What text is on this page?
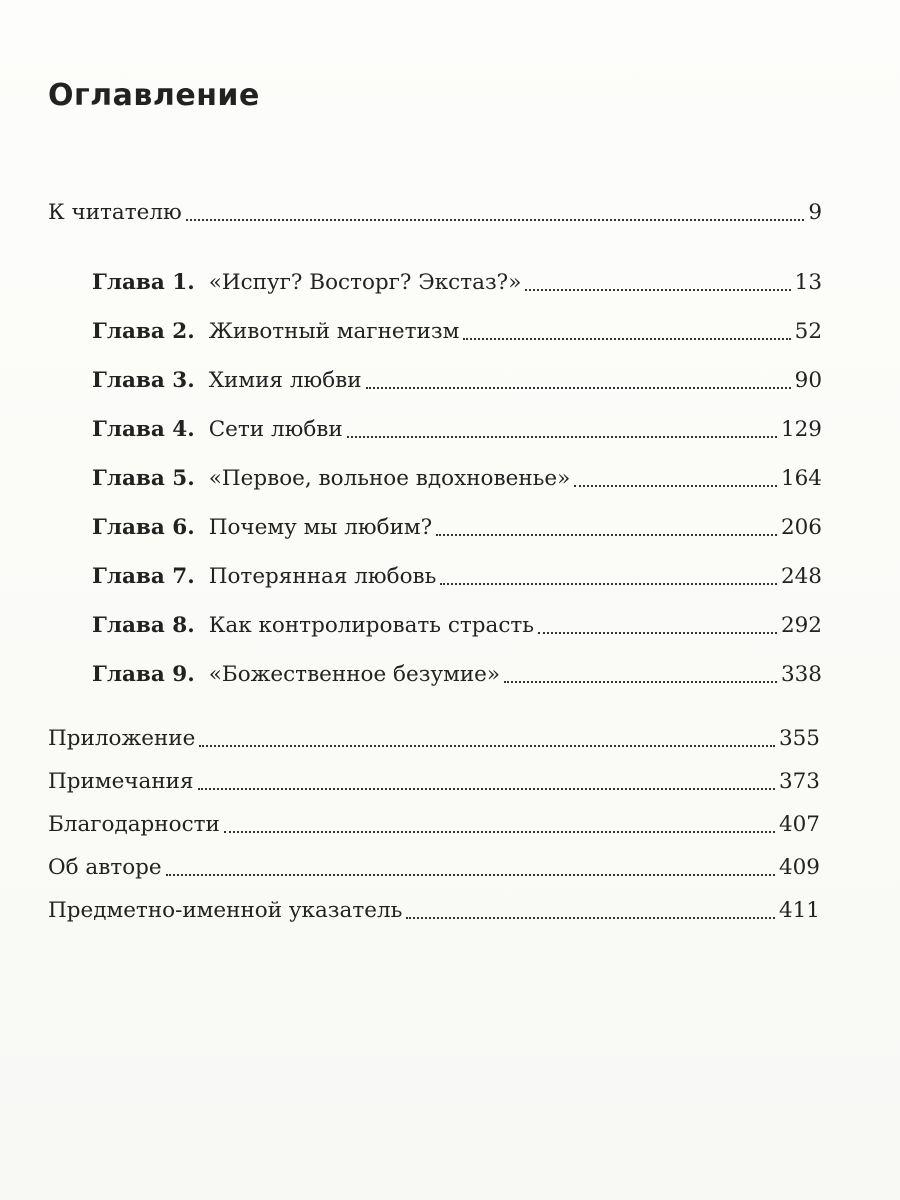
Оглавление
К читателю	9
Глава 1. «Испуг? Восторг? Экстаз?»	13
Глава 2. Животный магнетизм	52
Глава 3. Химия любви	90
Глава 4. Сети любви	129
Глава 5. «Первое, вольное вдохновенье»	164
Глава 6. Почему мы любим?	206
Глава 7. Потерянная любовь	248
Глава 8. Как контролировать страсть	292
Глава 9. «Божественное безумие»	338
Приложение	355
Примечания	373
Благодарности	407
Об авторе	409
Предметно-именной указатель	411
